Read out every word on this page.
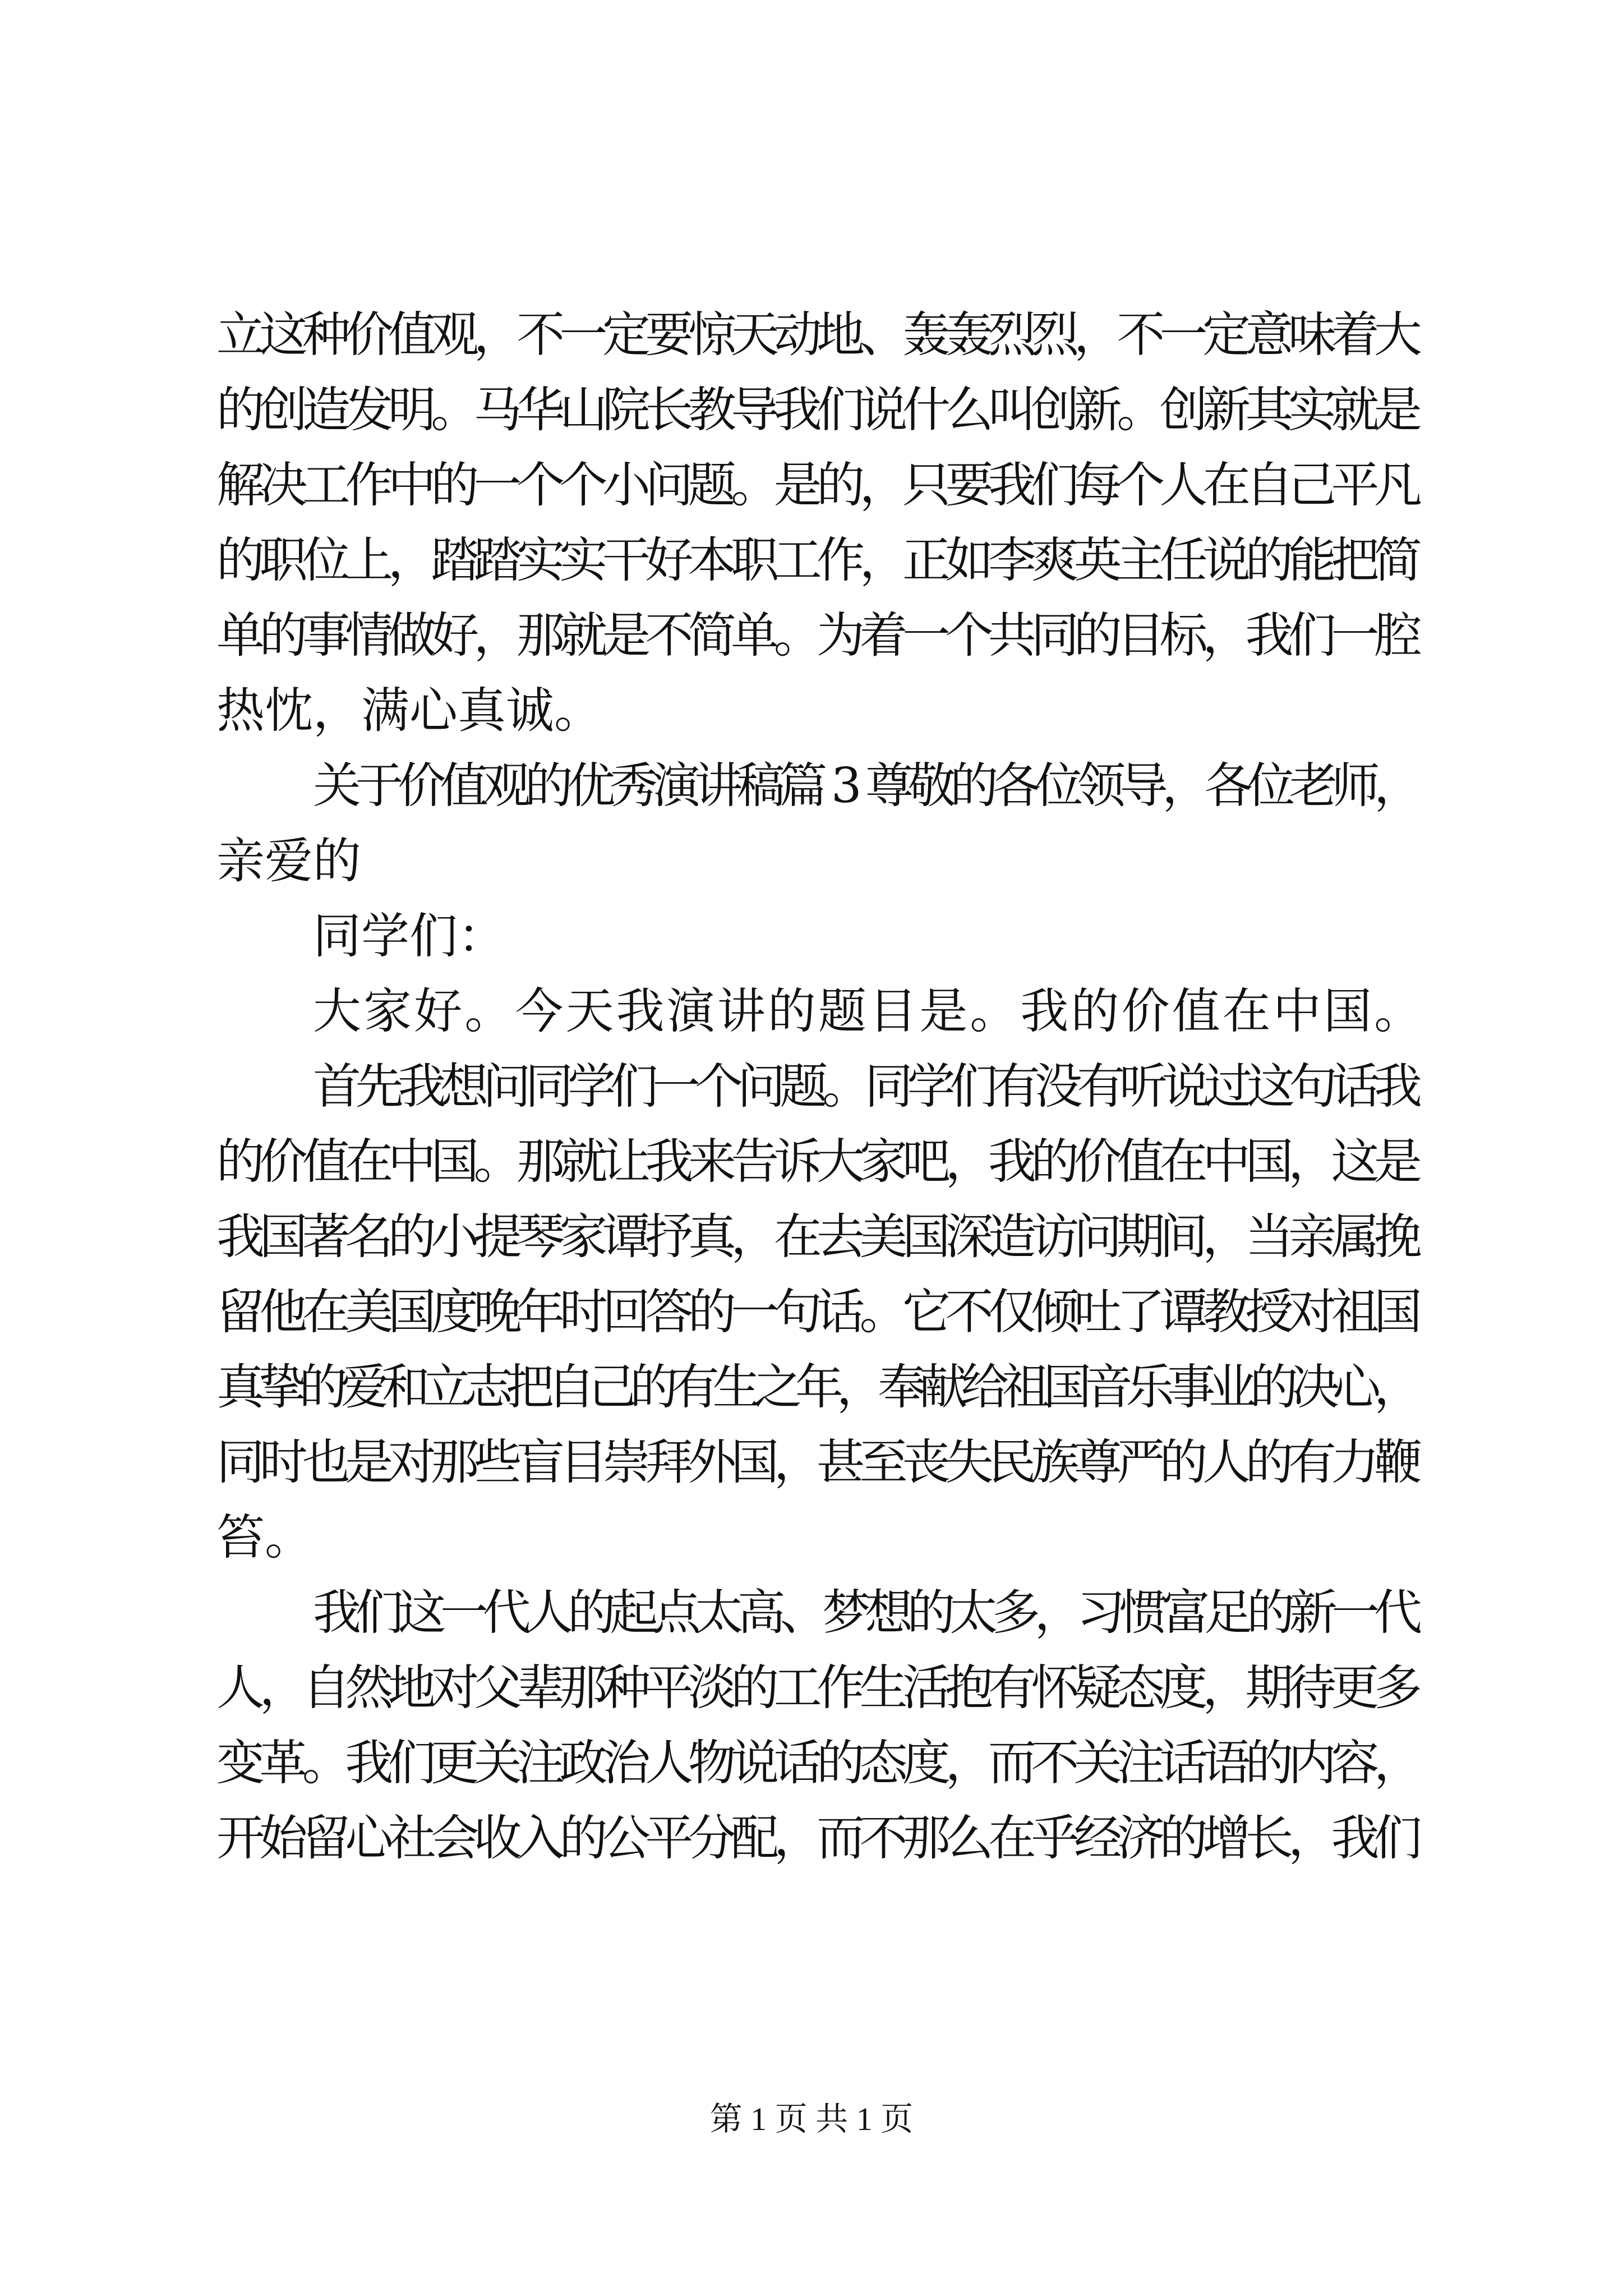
立这种价值观，不一定要惊天动地、轰轰烈烈，不一定意味着大
的创造发明。马华山院长教导我们说什么叫创新。创新其实就是
解决工作中的一个个小问题。是的，只要我们每个人在自己平凡
的职位上，踏踏实实干好本职工作，正如李爽英主任说的能把简
单的事情做好，那就是不简单。为着一个共同的目标，我们一腔
热忱，满心真诚。
关于价值观的优秀演讲稿篇 3 尊敬的各位领导，各位老师，
亲爱的
同学们：
大家好。今天我演讲的题目是。我的价值在中国。
首先我想问同学们一个问题。同学们有没有听说过这句话我
的价值在中国。那就让我来告诉大家吧，我的价值在中国，这是
我国著名的小提琴家谭抒真，在去美国深造访问期间，当亲属挽
留他在美国度晚年时回答的一句话。它不仅倾吐了谭教授对祖国
真挚的爱和立志把自己的有生之年，奉献给祖国音乐事业的决心，
同时也是对那些盲目崇拜外国，甚至丧失民族尊严的人的有力鞭
笞。
我们这一代人的起点太高、梦想的太多，习惯富足的新一代
人，自然地对父辈那种平淡的工作生活抱有怀疑态度，期待更多
变革。我们更关注政治人物说话的态度，而不关注话语的内容，
开始留心社会收入的公平分配，而不那么在乎经济的增长，我们
第 1 页 共 1 页
